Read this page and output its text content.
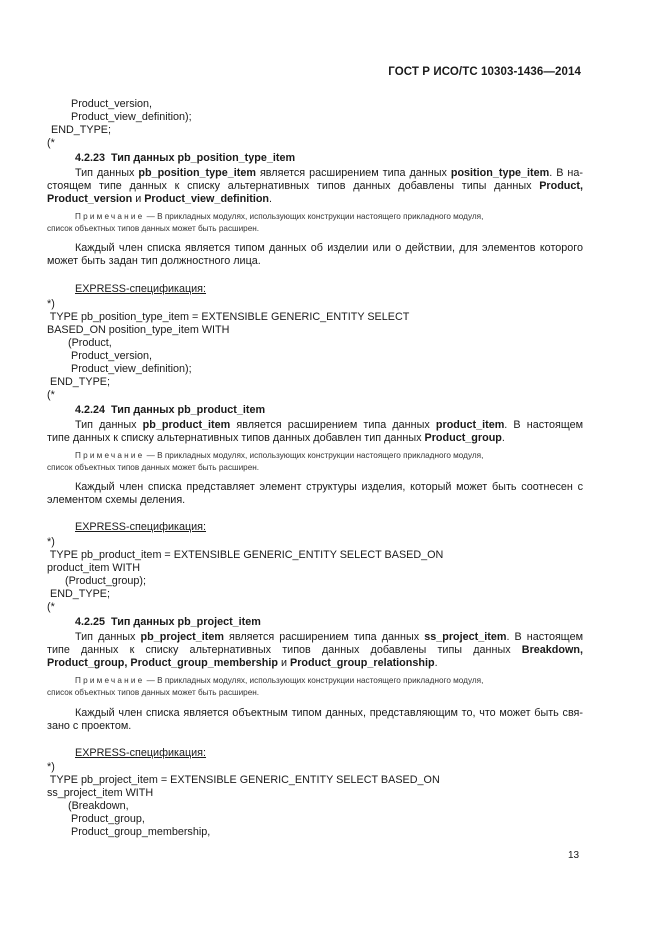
ГОСТ Р ИСО/ТС 10303-1436—2014
Product_version,
Product_view_definition);
END_TYPE;
(*
4.2.23  Тип данных pb_position_type_item
Тип данных pb_position_type_item является расширением типа данных position_type_item. В на-
стоящем типе данных к списку альтернативных типов данных добавлены типы данных Product,
Product_version и Product_view_definition.
Примечание — В прикладных модулях, использующих конструкции настоящего прикладного модуля,
список объектных типов данных может быть расширен.
Каждый член списка является типом данных об изделии или о действии, для элементов которого
может быть задан тип должностного лица.
EXPRESS-спецификация:
*)
TYPE pb_position_type_item = EXTENSIBLE GENERIC_ENTITY SELECT
BASED_ON position_type_item WITH
(Product,
Product_version,
Product_view_definition);
END_TYPE;
(*
4.2.24  Тип данных pb_product_item
Тип данных pb_product_item является расширением типа данных product_item. В настоящем
типе данных к списку альтернативных типов данных добавлен тип данных Product_group.
Примечание — В прикладных модулях, использующих конструкции настоящего прикладного модуля,
список объектных типов данных может быть расширен.
Каждый член списка представляет элемент структуры изделия, который может быть соотнесен с
элементом схемы деления.
EXPRESS-спецификация:
*)
TYPE pb_product_item = EXTENSIBLE GENERIC_ENTITY SELECT BASED_ON
product_item WITH
(Product_group);
END_TYPE;
(*
4.2.25  Тип данных pb_project_item
Тип данных pb_project_item является расширением типа данных ss_project_item. В настоящем
типе данных к списку альтернативных типов данных добавлены типы данных Breakdown,
Product_group, Product_group_membership и Product_group_relationship.
Примечание — В прикладных модулях, использующих конструкции настоящего прикладного модуля,
список объектных типов данных может быть расширен.
Каждый член списка является объектным типом данных, представляющим то, что может быть свя-
зано с проектом.
EXPRESS-спецификация:
*)
TYPE pb_project_item = EXTENSIBLE GENERIC_ENTITY SELECT BASED_ON
ss_project_item WITH
(Breakdown,
Product_group,
Product_group_membership,
13
